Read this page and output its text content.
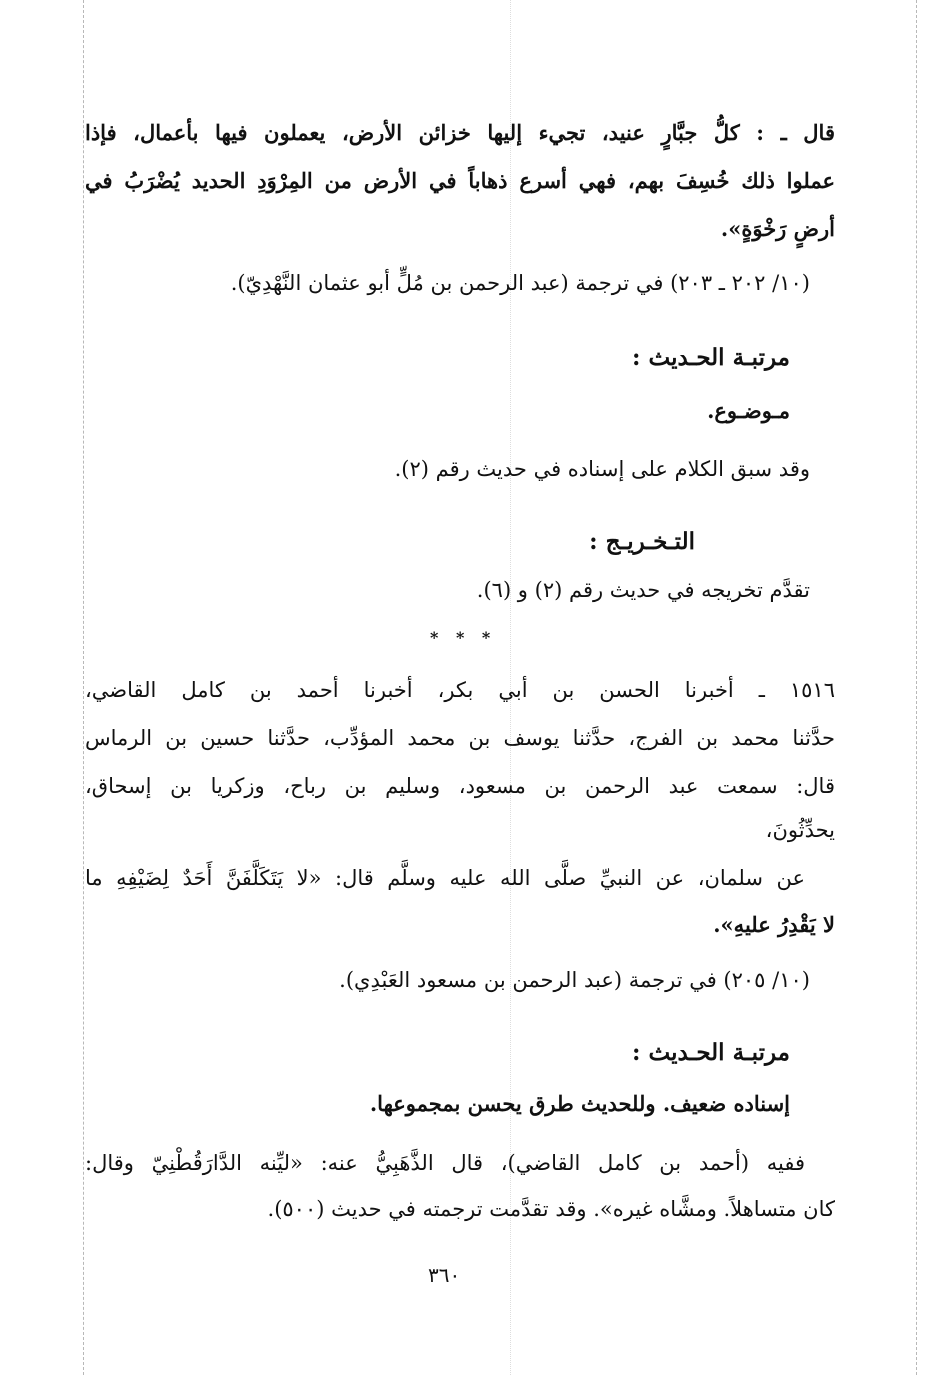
قال ـ : كلُّ جبَّارٍ عنيد، تجيء إليها خزائن الأرض، يعملون فيها بأعمال، فإذا

عملوا ذلك خُسِفَ بهم، فهي أسرع ذهاباً في الأرض من المِرْوَدِ الحديد يُضْرَبُ في

أرضٍ رَخْوَةٍ».

(١٠/ ٢٠٢ ـ ٢٠٣) في ترجمة (عبد الرحمن بن مُلٍّ أبو عثمان النَّهْدِيّ).

مرتبـة الحـديث :

مـوضـوع.

وقد سبق الكلام على إسناده في حديث رقم (٢).

التـخـريـج :

تقدَّم تخريجه في حديث رقم (٢) و (٦).

* * *

١٥١٦ ـ أخبرنا الحسن بن أبي بكر، أخبرنا أحمد بن كامل القاضي،

حدَّثنا محمد بن الفرج، حدَّثنا يوسف بن محمد المؤدِّب، حدَّثنا حسين بن الرماس

قال: سمعت عبد الرحمن بن مسعود، وسليم بن رباح، وزكريا بن إسحاق،

يحدِّثُونَ،

عن سلمان، عن النبيِّ صلَّى الله عليه وسلَّم قال: «لا يَتَكَلَّفَنَّ أَحَدٌ لِضَيْفِهِ ما

لا يَقْدِرُ عليهِ».

(١٠/ ٢٠٥) في ترجمة (عبد الرحمن بن مسعود العَبْدِي).

مرتبـة الحـديث :

إسناده ضعيف. وللحديث طرق يحسن بمجموعها.

ففيه (أحمد بن كامل القاضي)، قال الذَّهَبِيُّ عنه: «ليِّنه الدَّارَقُطْنِيّ وقال:

كان متساهلاً. ومشَّاه غيره». وقد تقدَّمت ترجمته في حديث (٥٠٠).

٣٦٠
